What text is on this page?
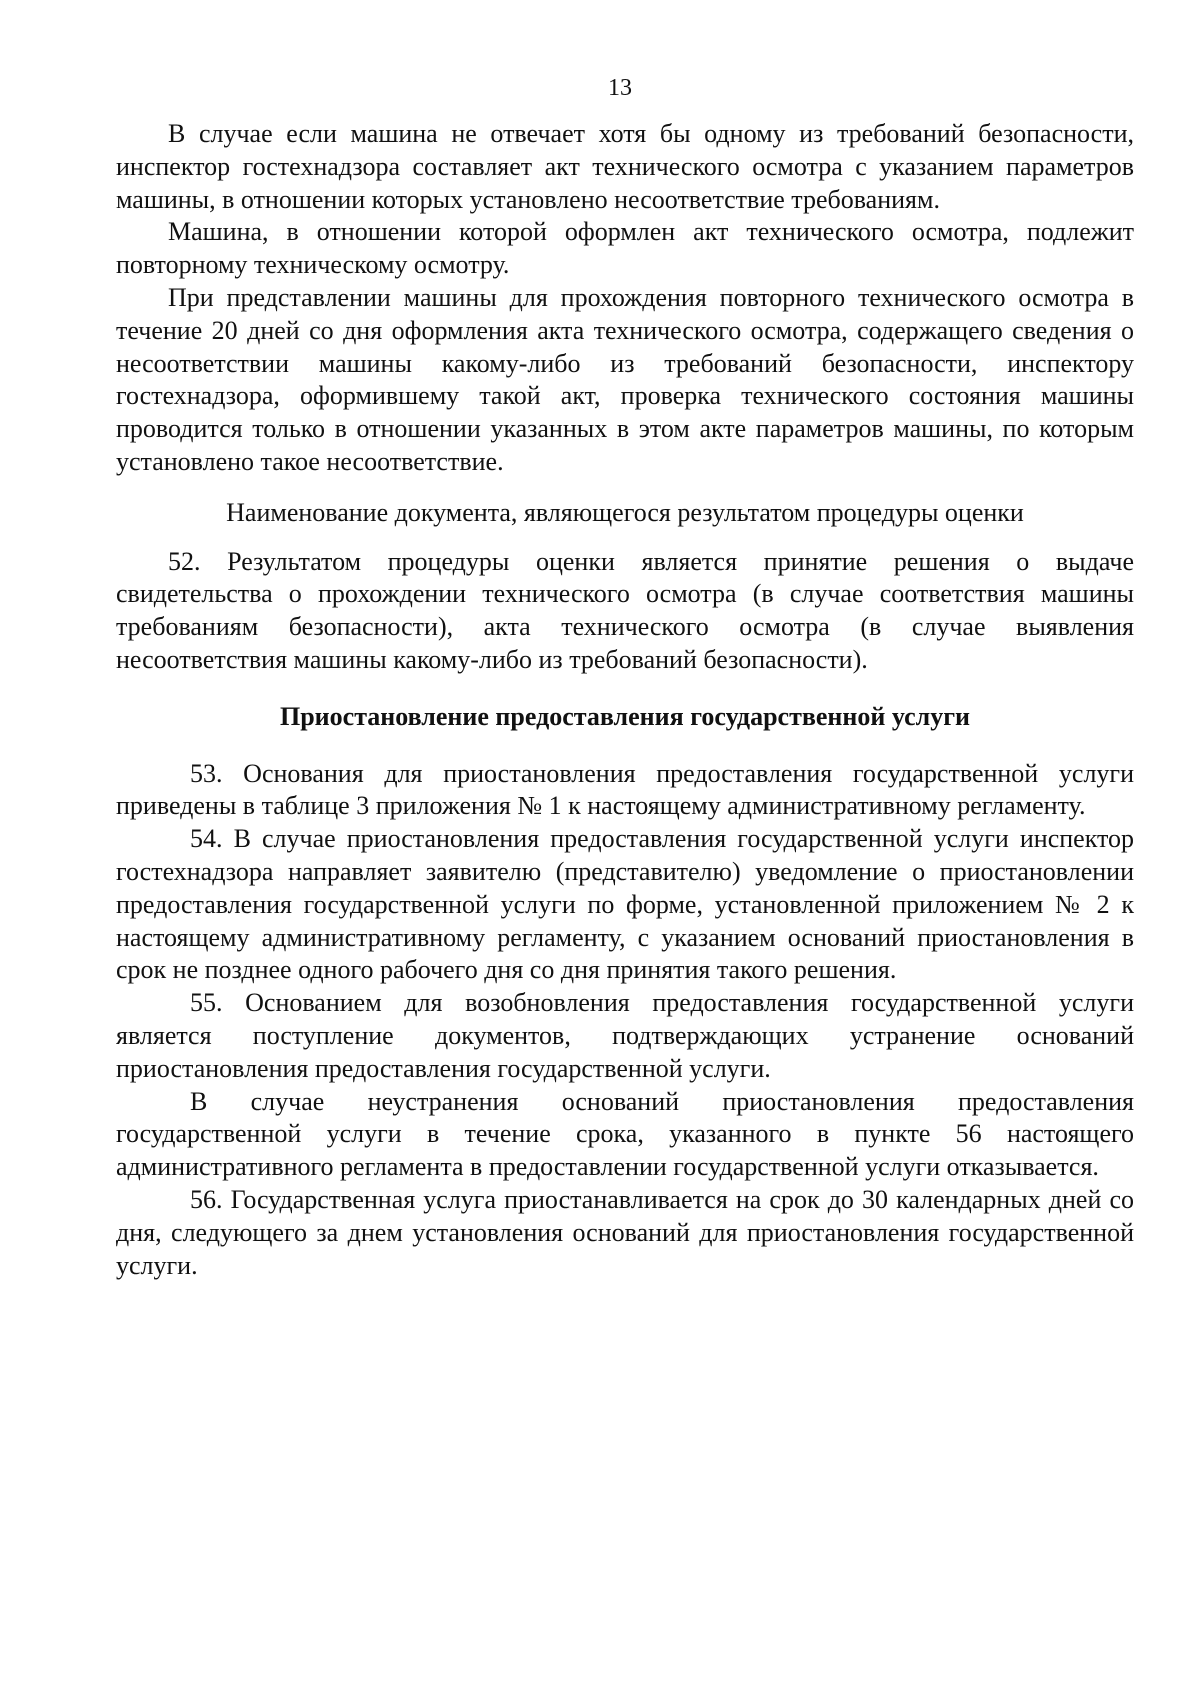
13

В случае если машина не отвечает хотя бы одному из требований безопасности, инспектор гостехнадзора составляет акт технического осмотра с указанием параметров машины, в отношении которых установлено несоответствие требованиям.

Машина, в отношении которой оформлен акт технического осмотра, подлежит повторному техническому осмотру.

При представлении машины для прохождения повторного технического осмотра в течение 20 дней со дня оформления акта технического осмотра, содержащего сведения о несоответствии машины какому-либо из требований безопасности, инспектору гостехнадзора, оформившему такой акт, проверка технического состояния машины проводится только в отношении указанных в этом акте параметров машины, по которым установлено такое несоответствие.

Наименование документа, являющегося результатом процедуры оценки

52. Результатом процедуры оценки является принятие решения о выдаче свидетельства о прохождении технического осмотра (в случае соответствия машины требованиям безопасности), акта технического осмотра (в случае выявления несоответствия машины какому-либо из требований безопасности).

Приостановление предоставления государственной услуги

53. Основания для приостановления предоставления государственной услуги приведены в таблице 3 приложения № 1 к настоящему административному регламенту.

54. В случае приостановления предоставления государственной услуги инспектор гостехнадзора направляет заявителю (представителю) уведомление о приостановлении предоставления государственной услуги по форме, установленной приложением № 2 к настоящему административному регламенту, с указанием оснований приостановления в срок не позднее одного рабочего дня со дня принятия такого решения.

55. Основанием для возобновления предоставления государственной услуги является поступление документов, подтверждающих устранение оснований приостановления предоставления государственной услуги.

В случае неустранения оснований приостановления предоставления государственной услуги в течение срока, указанного в пункте 56 настоящего административного регламента в предоставлении государственной услуги отказывается.

56. Государственная услуга приостанавливается на срок до 30 календарных дней со дня, следующего за днем установления оснований для приостановления государственной услуги.
